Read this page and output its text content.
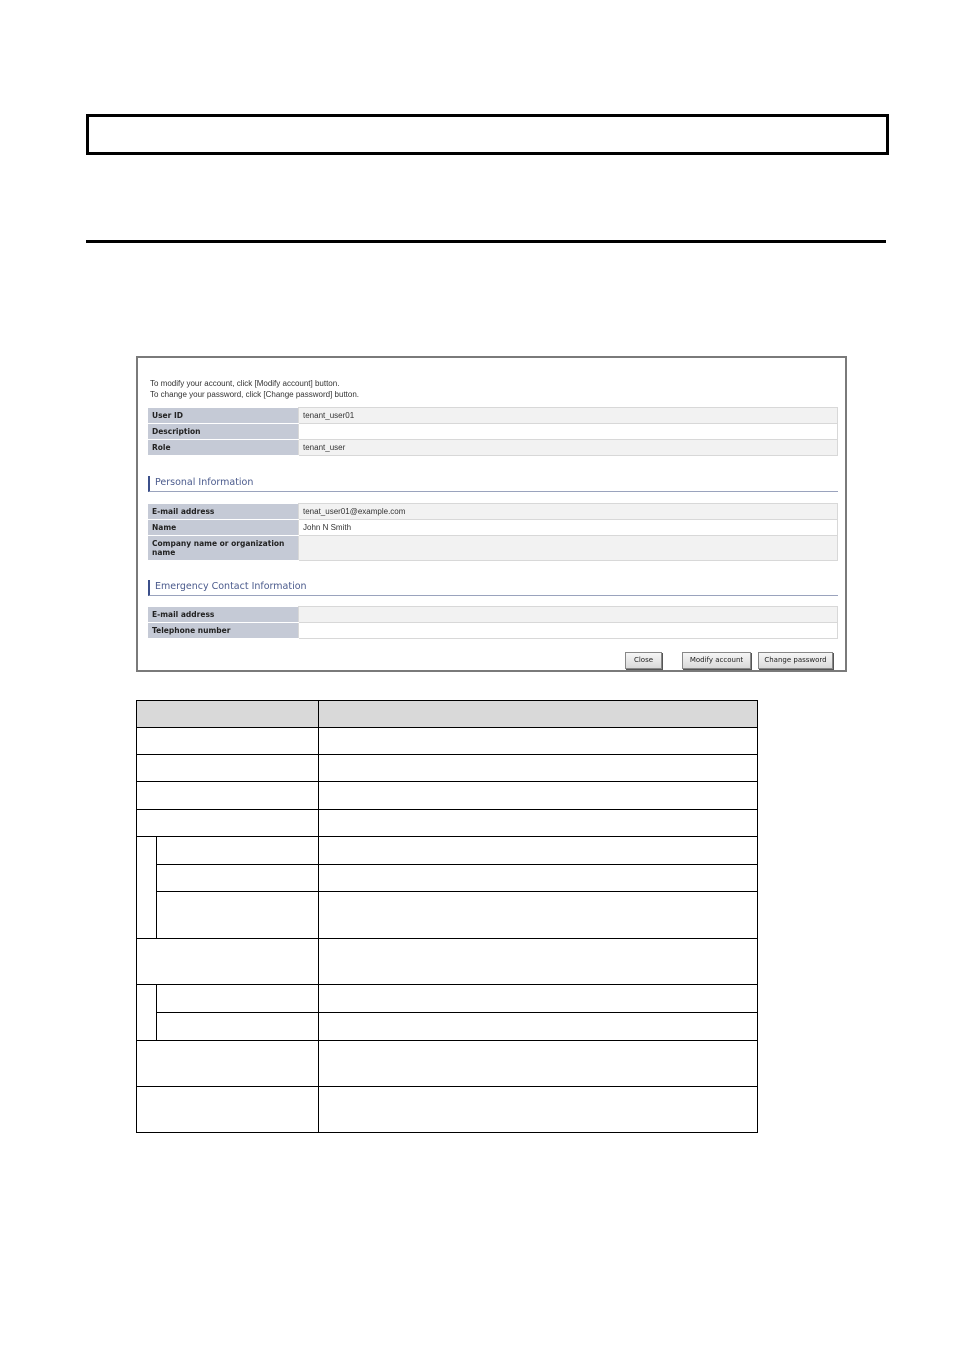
To modify your account, click [Modify account] button.
To change your password, click [Change password] button.
User ID	tenant_user01
Description	
Role	tenant_user
Personal Information
E-mail address	tenat_user01@example.com
Name	John N Smith
Company name or organization name	
Emergency Contact Information
E-mail address	
Telephone number	
Close	Modify account	Change password
